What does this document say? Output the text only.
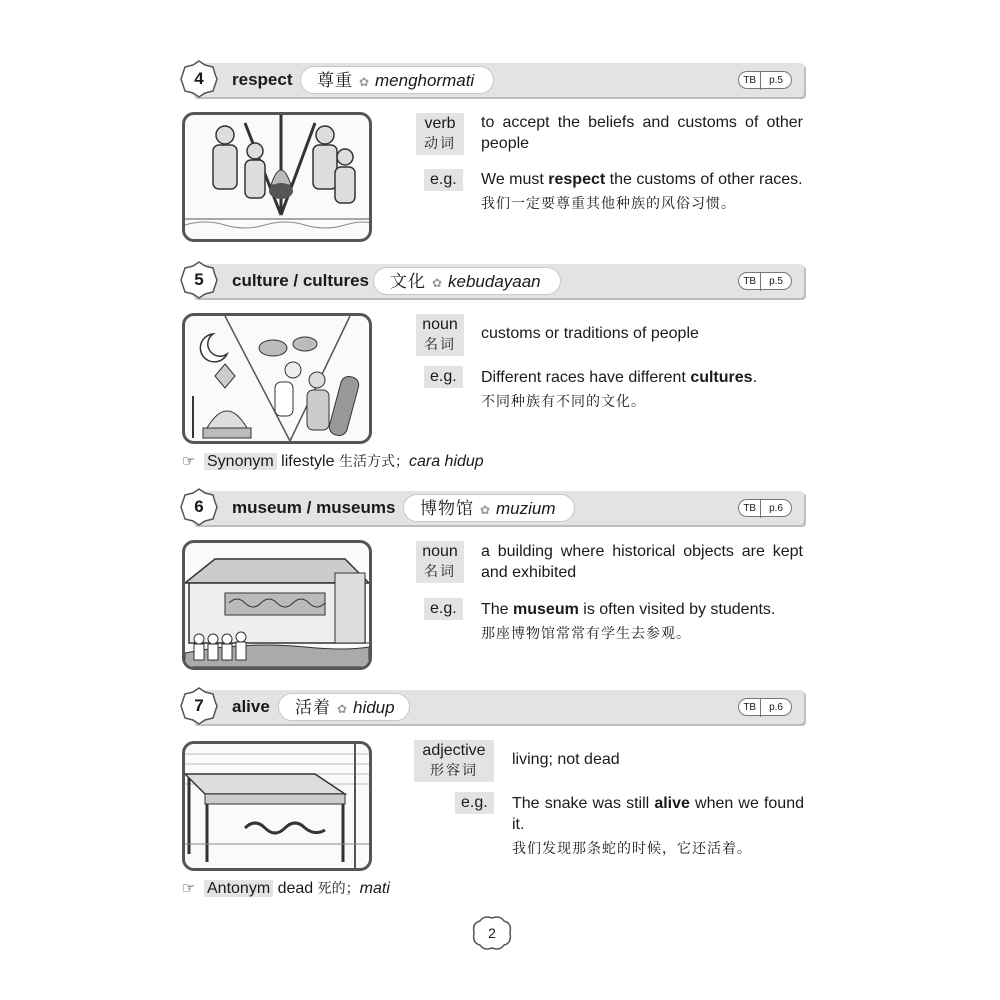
4	respect	尊重 ✿ menghormati	TB p.5
verb
动词
to accept the beliefs and customs of other people
e.g.	We must respect the customs of other races.
我们一定要尊重其他种族的风俗习惯。
5	culture / cultures	文化 ✿ kebudayaan	TB p.5
noun
名词
customs or traditions of people
e.g.	Different races have different cultures.
不同种族有不同的文化。
☞ Synonym lifestyle 生活方式；cara hidup
6	museum / museums	博物馆 ✿ muzium	TB p.6
noun
名词
a building where historical objects are kept and exhibited
e.g.	The museum is often visited by students.
那座博物馆常常有学生去参观。
7	alive	活着 ✿ hidup	TB p.6
adjective
形容词
living; not dead
e.g.	The snake was still alive when we found it.
我们发现那条蛇的时候，它还活着。
☞ Antonym dead 死的；mati
2
